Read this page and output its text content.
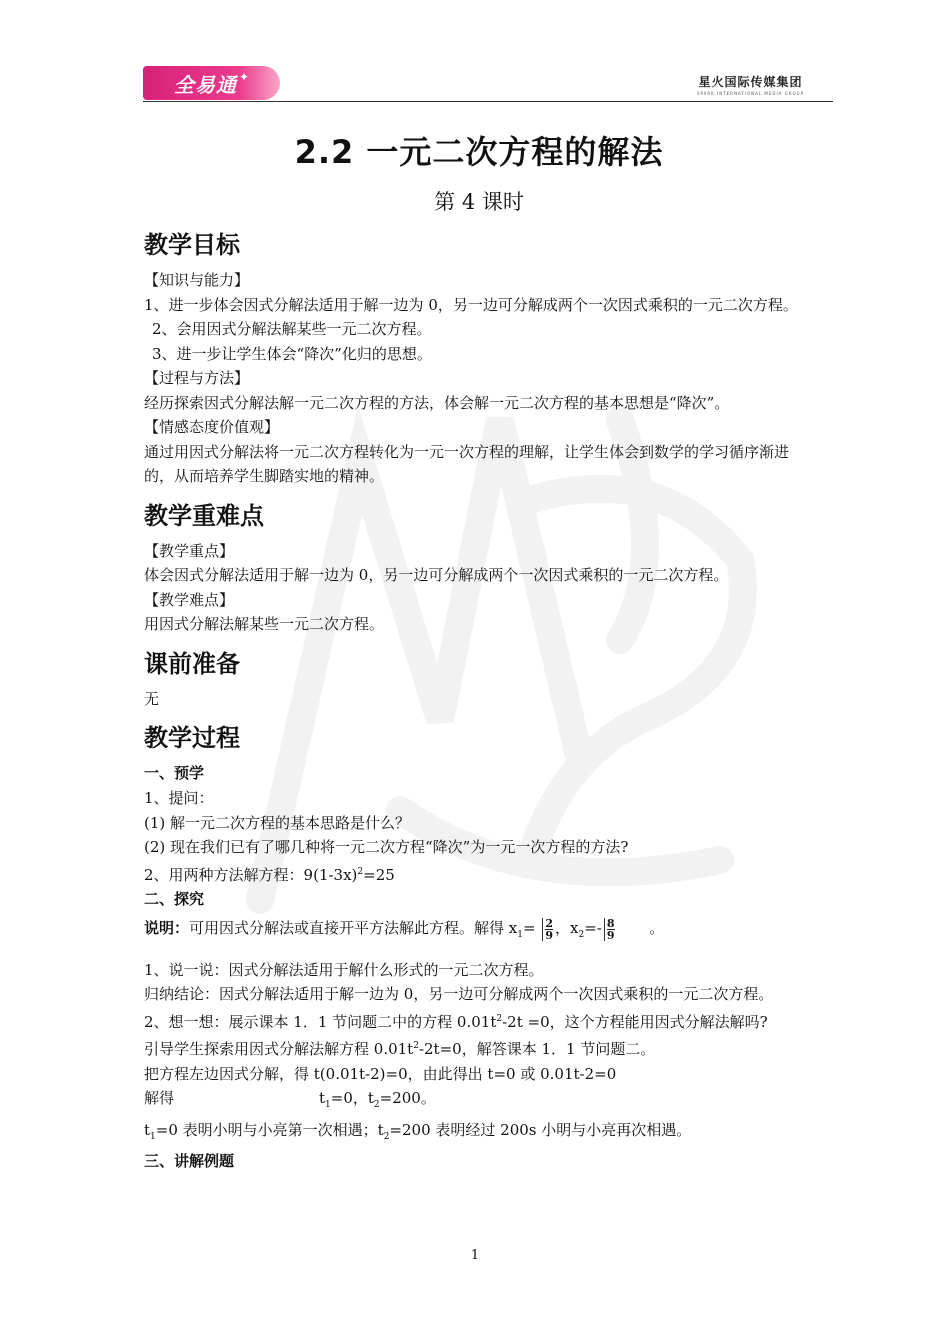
全易通 ✦	星火国际传媒集团
SPARK INTERNATIONAL MEDIA GROUP
2.2 一元二次方程的解法
第 4 课时
教学目标
【知识与能力】
1、进一步体会因式分解法适用于解一边为 0，另一边可分解成两个一次因式乘积的一元二次方程。
2、会用因式分解法解某些一元二次方程。
3、进一步让学生体会“降次”化归的思想。
【过程与方法】
经历探索因式分解法解一元二次方程的方法，体会解一元二次方程的基本思想是“降次”。
【情感态度价值观】
通过用因式分解法将一元二次方程转化为一元一次方程的理解，让学生体会到数学的学习循序渐进的，从而培养学生脚踏实地的精神。
教学重难点
【教学重点】
体会因式分解法适用于解一边为 0，另一边可分解成两个一次因式乘积的一元二次方程。
【教学难点】
用因式分解法解某些一元二次方程。
课前准备
无
教学过程
一、预学
1、提问：
(1) 解一元二次方程的基本思路是什么？
(2) 现在我们已有了哪几种将一元二次方程“降次”为一元一次方程的方法?
2、用两种方法解方程：$9(1-3x)^2=25$
二、探究
说明：可用因式分解法或直接开平方法解此方程。解得 $x_1= \frac{2}{9}$ ，$x_2=- \frac{8}{9}$ 。
1、说一说：因式分解法适用于解什么形式的一元二次方程。
归纳结论：因式分解法适用于解一边为 0，另一边可分解成两个一次因式乘积的一元二次方程。
2、想一想：展示课本 1．1 节问题二中的方程 $0.01t^2-2t =0$，这个方程能用因式分解法解吗?
引导学生探索用因式分解法解方程 $0.01t^2-2t=0$，解答课本 1．1 节问题二。
把方程左边因式分解，得 t(0.01t-2)=0，由此得出 t=0 或 0.01t-2=0
解得	$t_1=0$，$t_2=200$。
$t_1=0$ 表明小明与小亮第一次相遇；$t_2=200$ 表明经过 200s 小明与小亮再次相遇。
三、讲解例题
1
